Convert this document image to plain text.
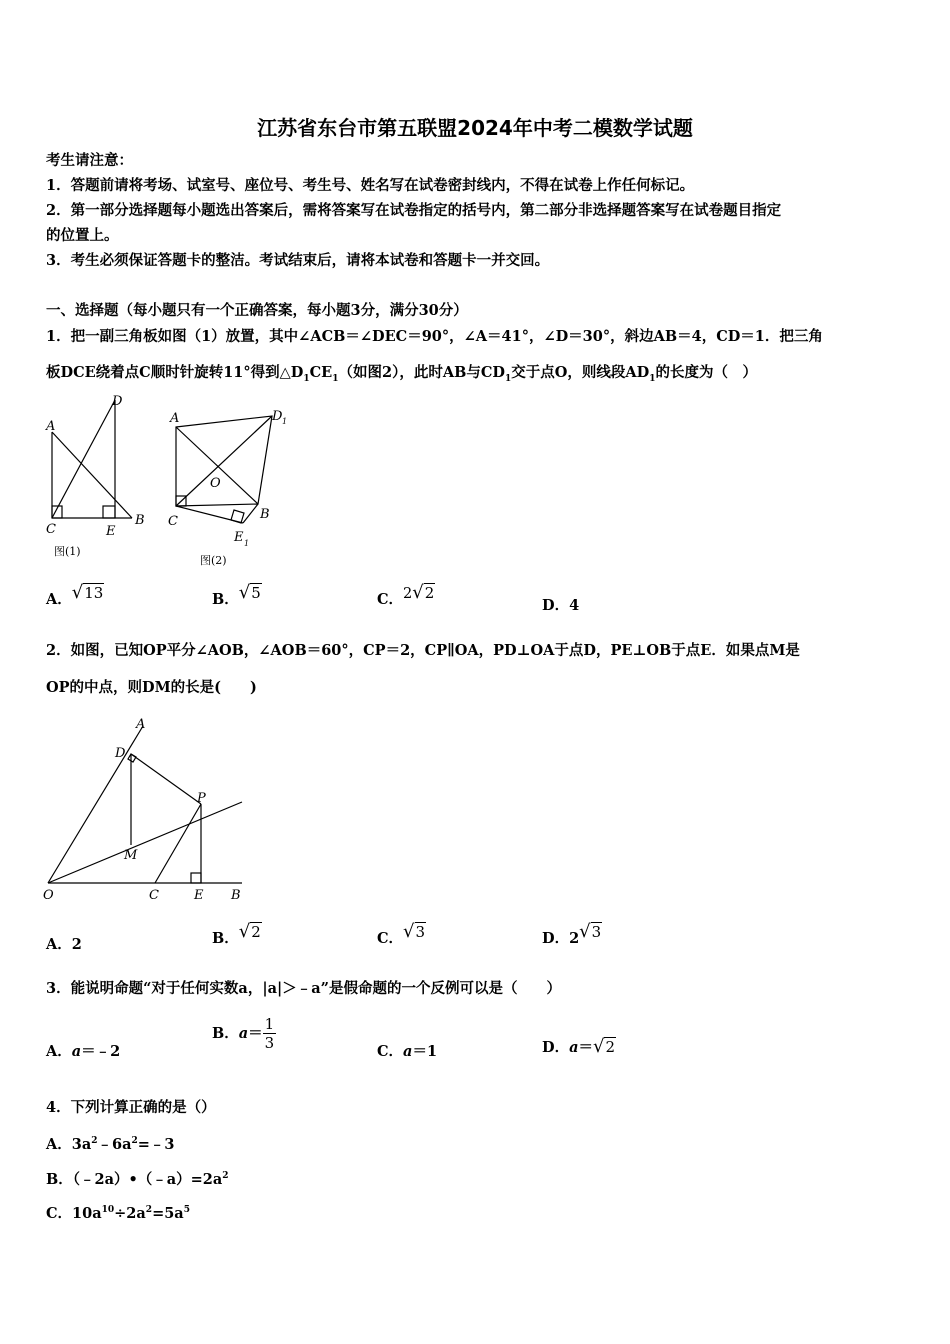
江苏省东台市第五联盟2024年中考二模数学试题
考生请注意：
1．答题前请将考场、试室号、座位号、考生号、姓名写在试卷密封线内，不得在试卷上作任何标记。
2．第一部分选择题每小题选出答案后，需将答案写在试卷指定的括号内，第二部分非选择题答案写在试卷题目指定
的位置上。
3．考生必须保证答题卡的整洁。考试结束后，请将本试卷和答题卡一并交回。
一、选择题（每小题只有一个正确答案，每小题3分，满分30分）
1．把一副三角板如图（1）放置，其中∠ACB＝∠DEC＝90°，∠A＝41°，∠D＝30°，斜边AB＝4，CD＝1．把三角
板DCE绕着点C顺时针旋转11°得到$\triangle D_1CE_1$（如图2），此时AB与$CD_1$交于点O，则线段$AD_1$的长度为（　）
A
D
C	E
B
图(1)
A	D 1
O
C	B
E 1
图(2)
A．√13	B．√5	C．2√2
D．4
2．如图，已知OP平分∠AOB，∠AOB＝60°，CP＝2，CP∥OA，PD⊥OA于点D，PE⊥OB于点E．如果点M是
OP的中点，则DM的长是(　　)
A
D
P
M
O	C	E B
A．2	B．√2	C．√3	D．2√3
3．能说明命题“对于任何实数a，|a|＞﹣a”是假命题的一个反例可以是（　　）
A．a＝﹣2
B．$a= \frac{1}{3}$	C．a＝1	D．a＝√2
4．下列计算正确的是（）
A．$3a^2﹣6a^2=﹣3$
B．$(﹣2a)•(﹣a)=2a^2$
C．$10a^{10}\div 2a^2=5a^5$
